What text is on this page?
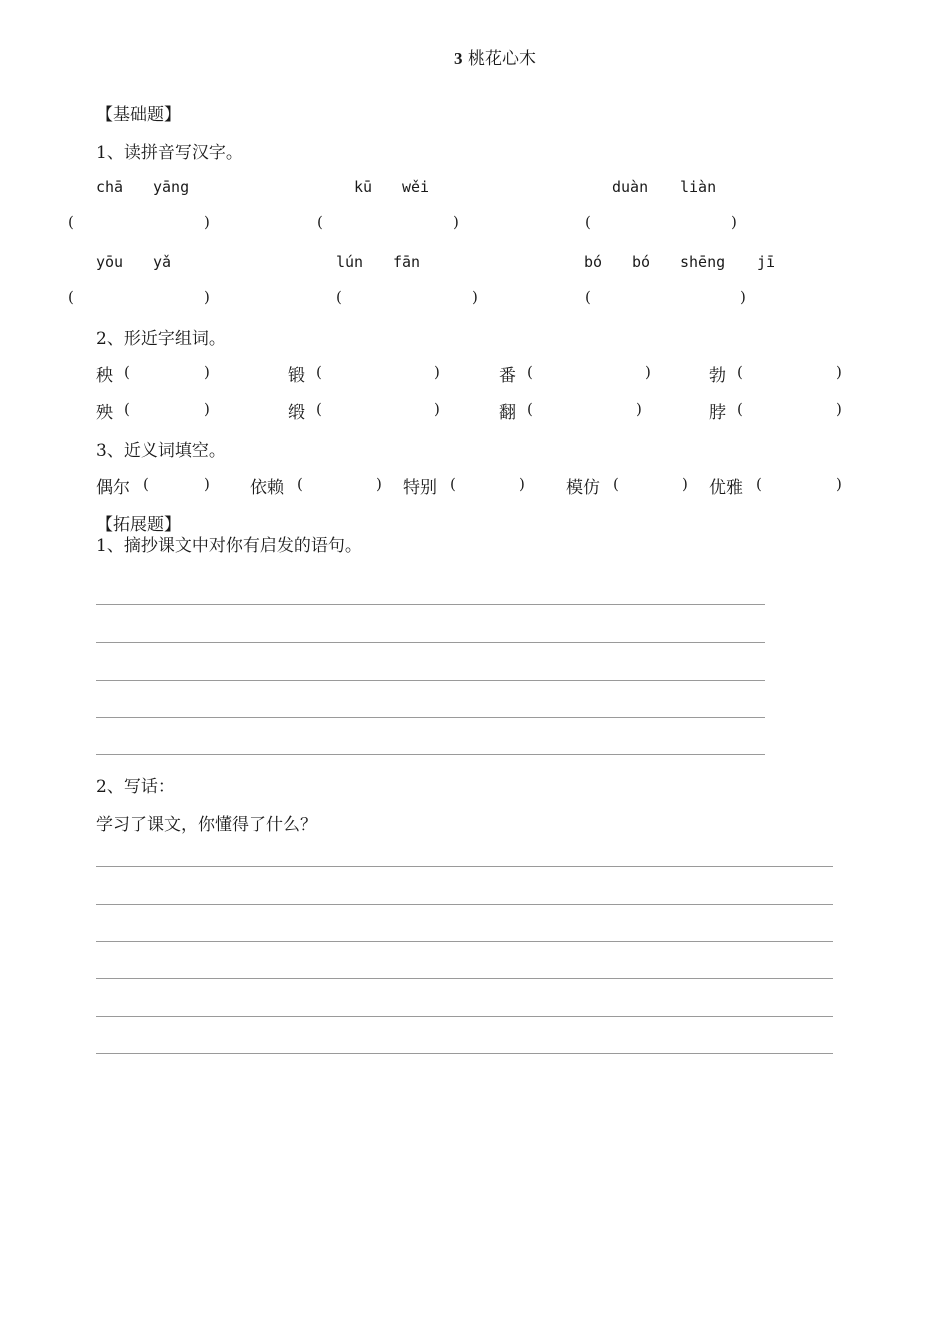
3 桃花心木
【基础题】
1、读拼音写汉字。
chā yāng	kū wěi	duàn liàn
(	)	(	)	(	)
yōu yǎ	lún fān	bó bó shēng jī
(	)	(	)	(	)
2、形近字组词。
秧 (	)	锻 (	)	番 (	)	勃 (	)
殃 (	)	缎 (	)	翻 (	)	脖 (	)
3、近义词填空。
偶尔 (	) 依赖 (	) 特别 (	) 模仿 (	) 优雅 (	)
【拓展题】
1、摘抄课文中对你有启发的语句。
2、写话：
学习了课文，你懂得了什么？
